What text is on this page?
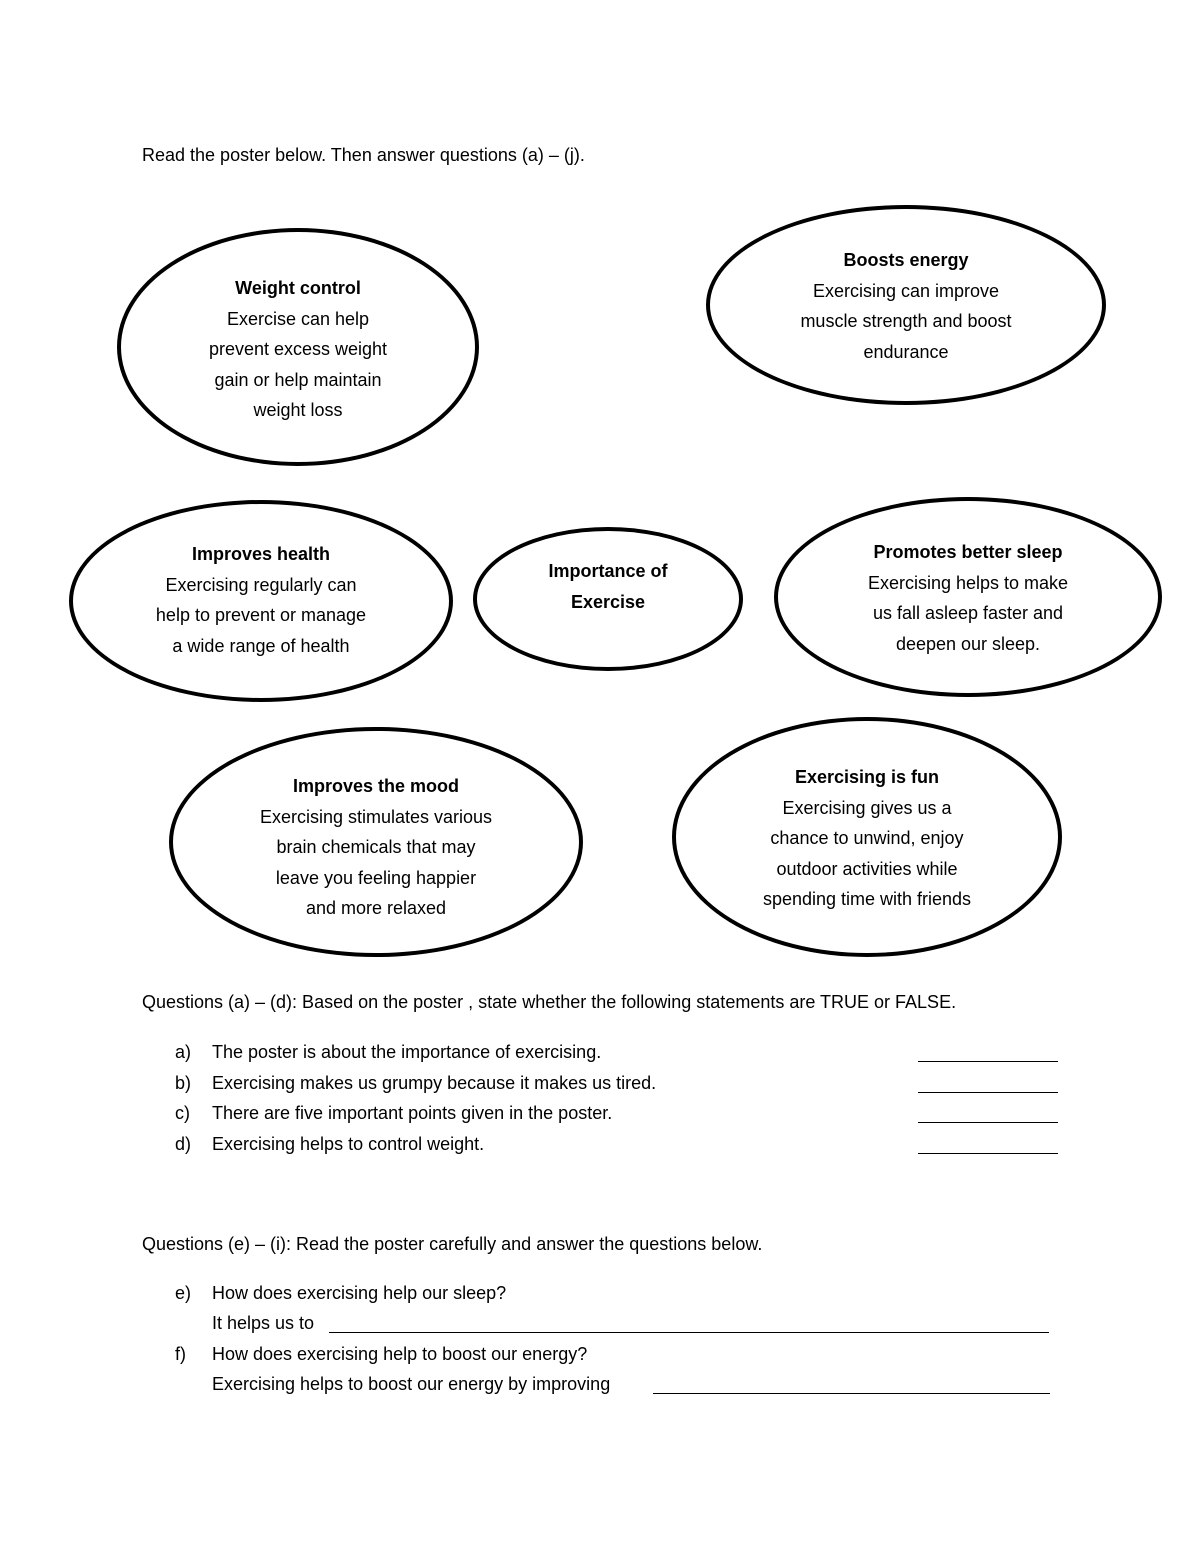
Read the poster below. Then answer questions (a) – (j).
Weight control
Exercise can help
prevent excess weight
gain or help maintain
weight loss
Boosts energy
Exercising can improve
muscle strength and boost
endurance
Improves health
Exercising regularly can
help to prevent or manage
a wide range of health
Importance of
Exercise
Promotes better sleep
Exercising helps to make
us fall asleep faster and
deepen our sleep.
Improves the mood
Exercising stimulates various
brain chemicals that may
leave you feeling happier
and more relaxed
Exercising is fun
Exercising gives us a
chance to unwind, enjoy
outdoor activities while
spending time with friends
Questions (a) – (d): Based on the poster , state whether the following statements are TRUE or FALSE.
a) The poster is about the importance of exercising.
b) Exercising makes us grumpy because it makes us tired.
c) There are five important points given in the poster.
d) Exercising helps to control weight.
Questions (e) – (i): Read the poster carefully and answer the questions below.
e) How does exercising help our sleep?
It helps us to
f) How does exercising help to boost our energy?
Exercising helps to boost our energy by improving
